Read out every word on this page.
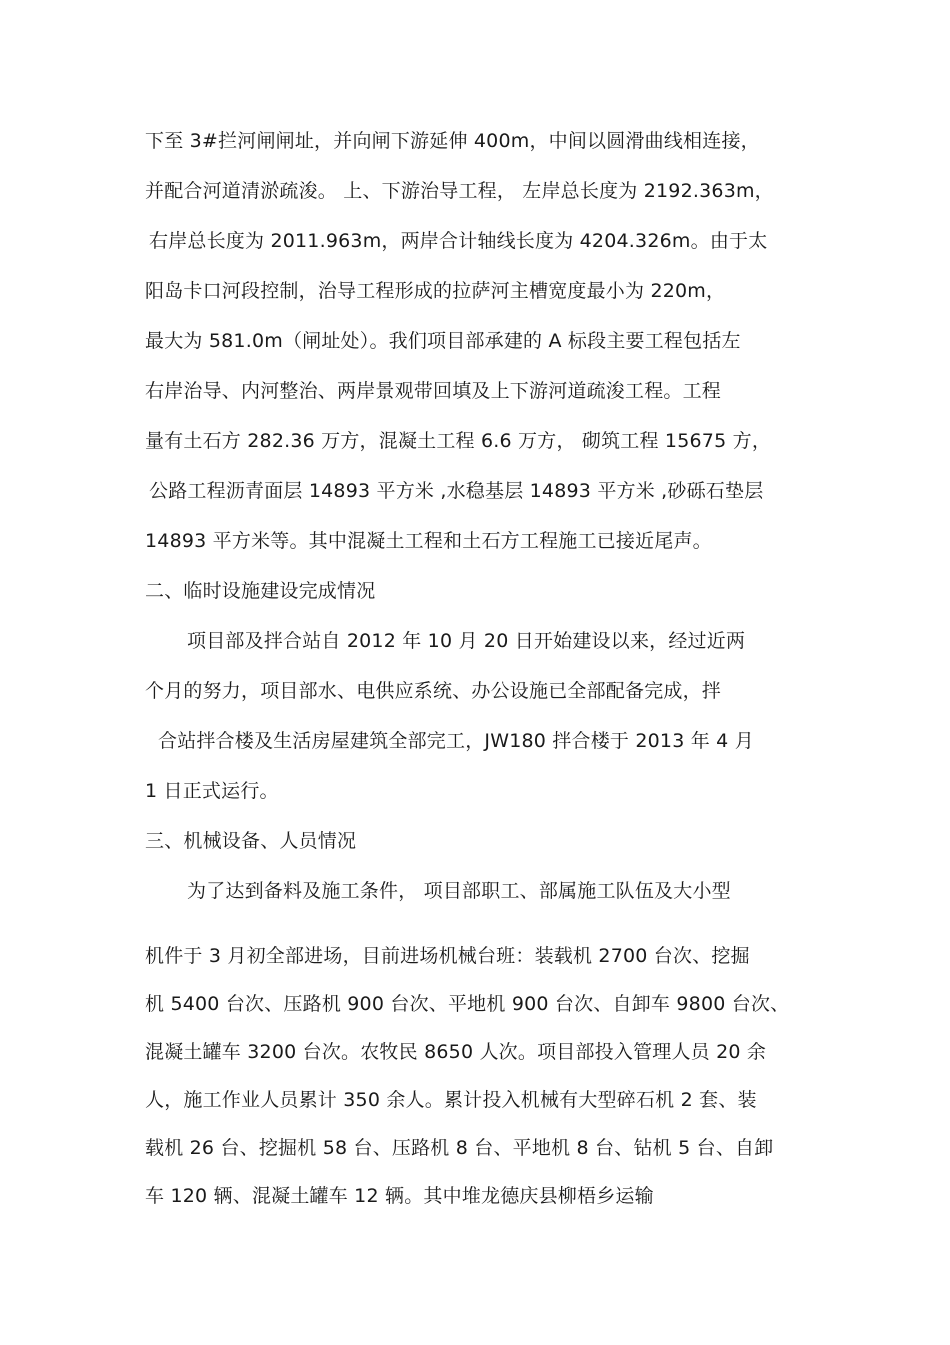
下至 3#拦河闸闸址，并向闸下游延伸 400m，中间以圆滑曲线相连接，
并配合河道清淤疏浚。 上、下游治导工程， 左岸总长度为 2192.363m，
右岸总长度为 2011.963m，两岸合计轴线长度为 4204.326m。由于太
阳岛卡口河段控制，治导工程形成的拉萨河主槽宽度最小为 220m，
最大为 581.0m（闸址处）。我们项目部承建的 A 标段主要工程包括左
右岸治导、内河整治、两岸景观带回填及上下游河道疏浚工程。工程
量有土石方 282.36 万方，混凝土工程 6.6 万方， 砌筑工程 15675 方，
公路工程沥青面层 14893 平方米 ,水稳基层 14893 平方米 ,砂砾石垫层
14893 平方米等。其中混凝土工程和土石方工程施工已接近尾声。
二、临时设施建设完成情况
项目部及拌合站自 2012 年 10 月 20 日开始建设以来，经过近两
个月的努力，项目部水、电供应系统、办公设施已全部配备完成，拌
合站拌合楼及生活房屋建筑全部完工，JW180 拌合楼于 2013 年 4 月
1 日正式运行。
三、机械设备、人员情况
为了达到备料及施工条件， 项目部职工、部属施工队伍及大小型
机件于 3 月初全部进场，目前进场机械台班：装载机 2700 台次、挖掘
机 5400 台次、压路机 900 台次、平地机 900 台次、自卸车 9800 台次、
混凝土罐车 3200 台次。农牧民 8650 人次。项目部投入管理人员 20 余
人，施工作业人员累计 350 余人。累计投入机械有大型碎石机 2 套、装
载机 26 台、挖掘机 58 台、压路机 8 台、平地机 8 台、钻机 5 台、自卸
车 120 辆、混凝土罐车 12 辆。其中堆龙德庆县柳梧乡运输
